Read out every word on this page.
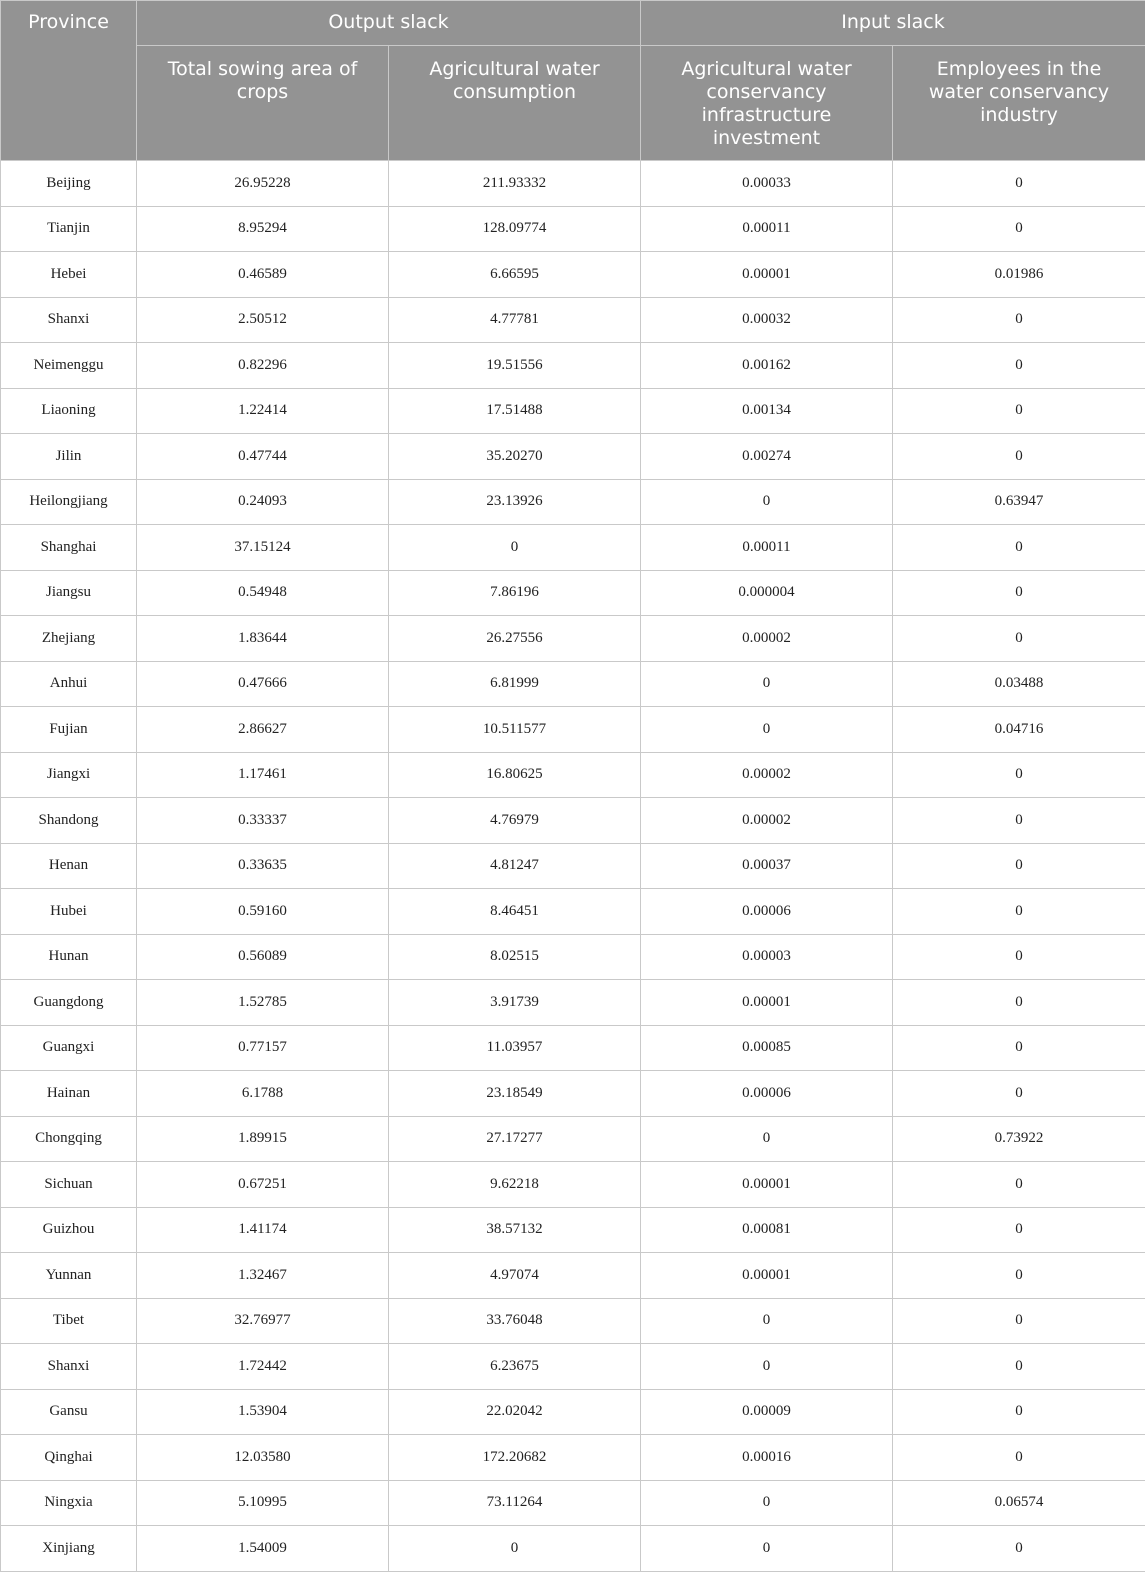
Province	Output slack		Input slack	
	Total sowing area of crops	Agricultural water consumption	Agricultural water conservancy infrastructure investment	Employees in the water conservancy industry
Beijing	26.95228	211.93332	0.00033	0
Tianjin	8.95294	128.09774	0.00011	0
Hebei	0.46589	6.66595	0.00001	0.01986
Shanxi	2.50512	4.77781	0.00032	0
Neimenggu	0.82296	19.51556	0.00162	0
Liaoning	1.22414	17.51488	0.00134	0
Jilin	0.47744	35.20270	0.00274	0
Heilongjiang	0.24093	23.13926	0	0.63947
Shanghai	37.15124	0	0.00011	0
Jiangsu	0.54948	7.86196	0.000004	0
Zhejiang	1.83644	26.27556	0.00002	0
Anhui	0.47666	6.81999	0	0.03488
Fujian	2.86627	10.511577	0	0.04716
Jiangxi	1.17461	16.80625	0.00002	0
Shandong	0.33337	4.76979	0.00002	0
Henan	0.33635	4.81247	0.00037	0
Hubei	0.59160	8.46451	0.00006	0
Hunan	0.56089	8.02515	0.00003	0
Guangdong	1.52785	3.91739	0.00001	0
Guangxi	0.77157	11.03957	0.00085	0
Hainan	6.1788	23.18549	0.00006	0
Chongqing	1.89915	27.17277	0	0.73922
Sichuan	0.67251	9.62218	0.00001	0
Guizhou	1.41174	38.57132	0.00081	0
Yunnan	1.32467	4.97074	0.00001	0
Tibet	32.76977	33.76048	0	0
Shanxi	1.72442	6.23675	0	0
Gansu	1.53904	22.02042	0.00009	0
Qinghai	12.03580	172.20682	0.00016	0
Ningxia	5.10995	73.11264	0	0.06574
Xinjiang	1.54009	0	0	0
